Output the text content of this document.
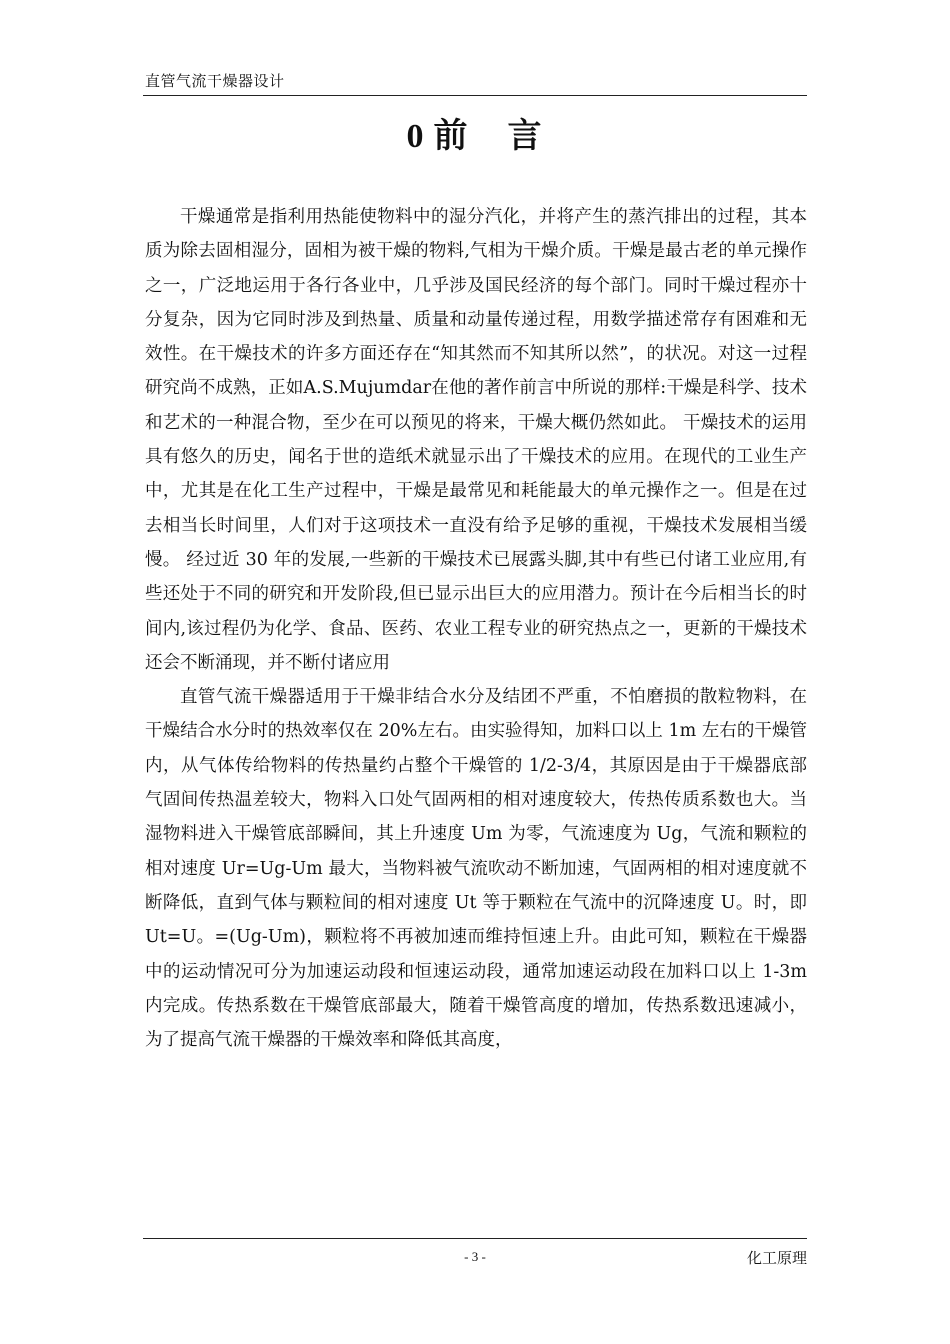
直管气流干燥器设计
0 前 言

干燥通常是指利用热能使物料中的湿分汽化，并将产生的蒸汽排出的过程，其本质为除去固相湿分，固相为被干燥的物料,气相为干燥介质。干燥是最古老的单元操作之一，广泛地运用于各行各业中，几乎涉及国民经济的每个部门。同时干燥过程亦十分复杂，因为它同时涉及到热量、质量和动量传递过程，用数学描述常存有困难和无效性。在干燥技术的许多方面还存在“知其然而不知其所以然”，的状况。对这一过程研究尚不成熟，正如A.S.Mujumdar在他的著作前言中所说的那样:干燥是科学、技术和艺术的一种混合物，至少在可以预见的将来，干燥大概仍然如此。 干燥技术的运用具有悠久的历史，闻名于世的造纸术就显示出了干燥技术的应用。在现代的工业生产中，尤其是在化工生产过程中，干燥是最常见和耗能最大的单元操作之一。但是在过去相当长时间里，人们对于这项技术一直没有给予足够的重视，干燥技术发展相当缓慢。 经过近 30 年的发展,一些新的干燥技术已展露头脚,其中有些已付诸工业应用,有些还处于不同的研究和开发阶段,但已显示出巨大的应用潜力。预计在今后相当长的时间内,该过程仍为化学、食品、医药、农业工程专业的研究热点之一，更新的干燥技术还会不断涌现，并不断付诸应用

直管气流干燥器适用于干燥非结合水分及结团不严重，不怕磨损的散粒物料，在干燥结合水分时的热效率仅在 20%左右。由实验得知，加料口以上 1m 左右的干燥管内，从气体传给物料的传热量约占整个干燥管的 1/2-3/4，其原因是由于干燥器底部气固间传热温差较大，物料入口处气固两相的相对速度较大，传热传质系数也大。当湿物料进入干燥管底部瞬间，其上升速度 Um 为零，气流速度为 Ug，气流和颗粒的相对速度 Ur=Ug-Um 最大，当物料被气流吹动不断加速，气固两相的相对速度就不断降低，直到气体与颗粒间的相对速度 Ut 等于颗粒在气流中的沉降速度 U。时，即 Ut=U。=(Ug-Um)，颗粒将不再被加速而维持恒速上升。由此可知，颗粒在干燥器中的运动情况可分为加速运动段和恒速运动段，通常加速运动段在加料口以上 1-3m 内完成。传热系数在干燥管底部最大，随着干燥管高度的增加，传热系数迅速减小，为了提高气流干燥器的干燥效率和降低其高度，

- 3 -	化工原理
